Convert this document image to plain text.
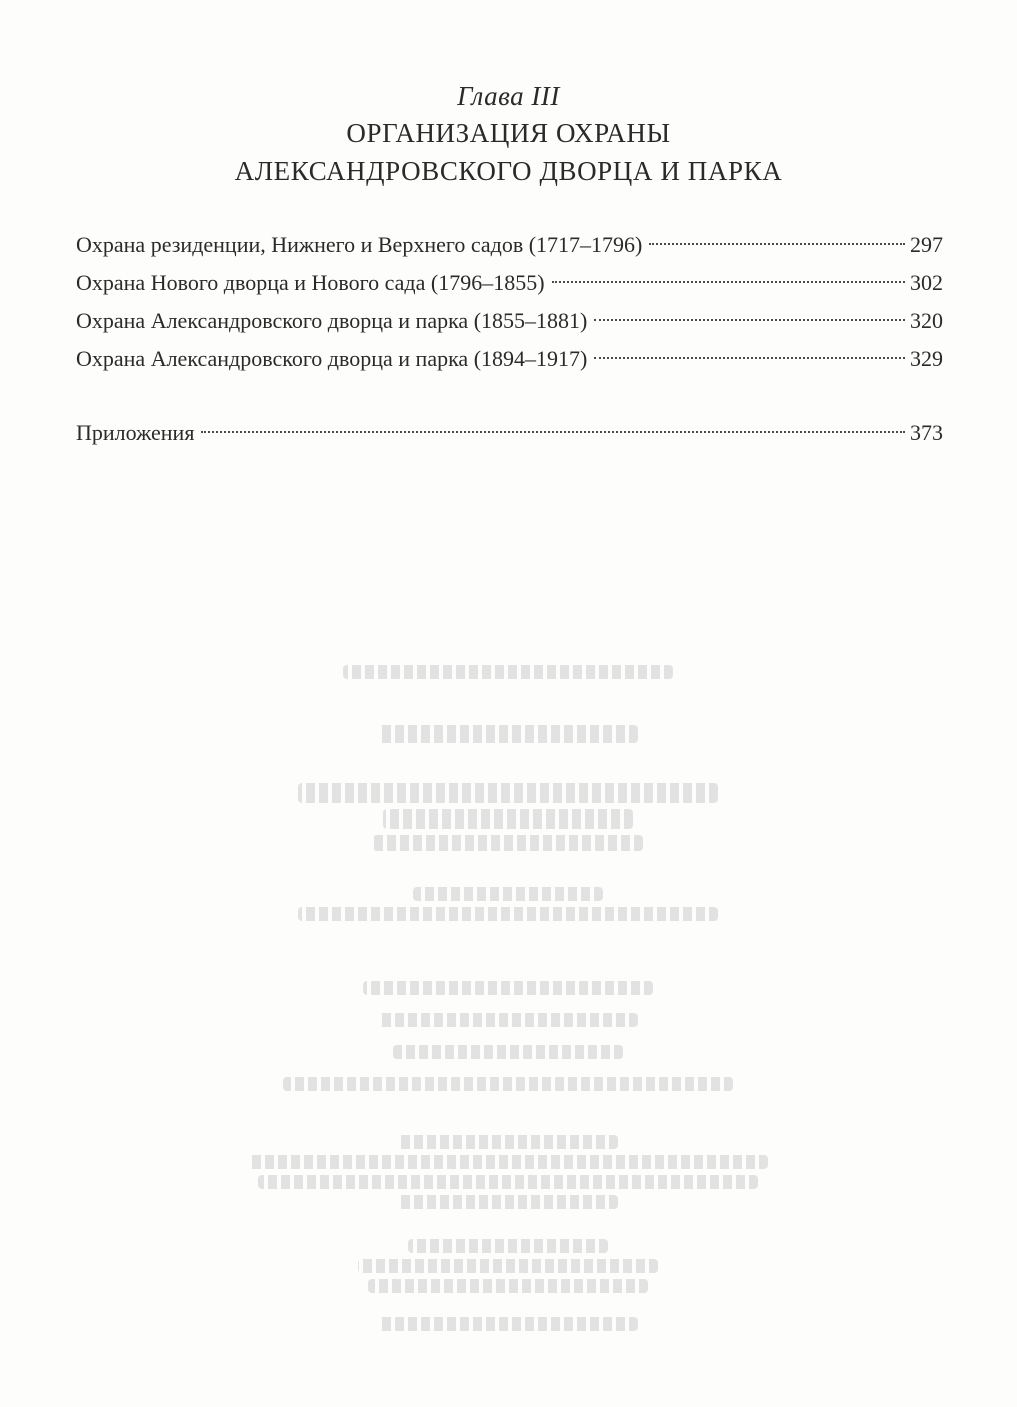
Глава III
ОРГАНИЗАЦИЯ ОХРАНЫ
АЛЕКСАНДРОВСКОГО ДВОРЦА И ПАРКА
Охрана резиденции, Нижнего и Верхнего садов (1717–1796)	297
Охрана Нового дворца и Нового сада (1796–1855)	302
Охрана Александровского дворца и парка (1855–1881)	320
Охрана Александровского дворца и парка (1894–1917)	329
Приложения	373
